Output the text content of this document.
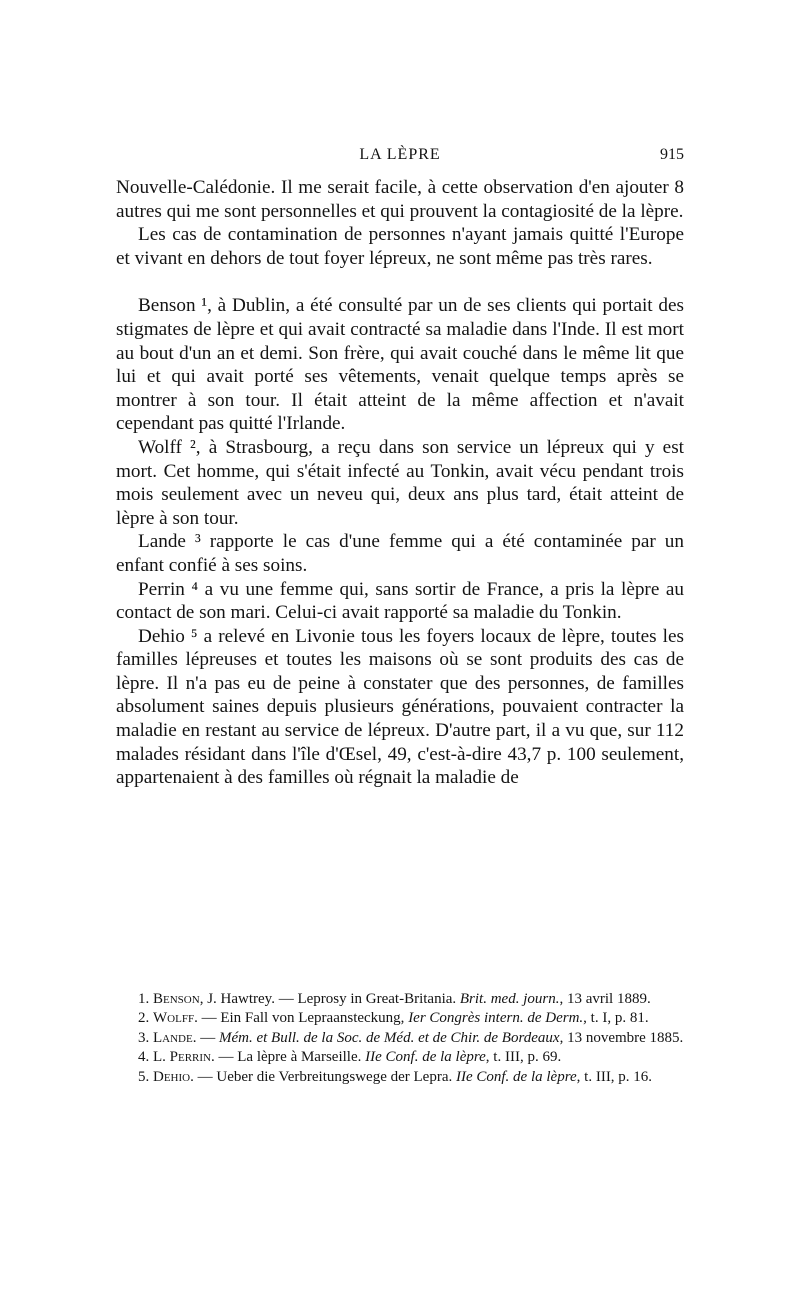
LA LÈPRE	915

Nouvelle-Calédonie. Il me serait facile, à cette observation d'en ajouter 8 autres qui me sont personnelles et qui prouvent la contagiosité de la lèpre.

Les cas de contamination de personnes n'ayant jamais quitté l'Europe et vivant en dehors de tout foyer lépreux, ne sont même pas très rares.

Benson ¹, à Dublin, a été consulté par un de ses clients qui portait des stigmates de lèpre et qui avait contracté sa maladie dans l'Inde. Il est mort au bout d'un an et demi. Son frère, qui avait couché dans le même lit que lui et qui avait porté ses vêtements, venait quelque temps après se montrer à son tour. Il était atteint de la même affection et n'avait cependant pas quitté l'Irlande.

Wolff ², à Strasbourg, a reçu dans son service un lépreux qui y est mort. Cet homme, qui s'était infecté au Tonkin, avait vécu pendant trois mois seulement avec un neveu qui, deux ans plus tard, était atteint de lèpre à son tour.

Lande ³ rapporte le cas d'une femme qui a été contaminée par un enfant confié à ses soins.

Perrin ⁴ a vu une femme qui, sans sortir de France, a pris la lèpre au contact de son mari. Celui-ci avait rapporté sa maladie du Tonkin.

Dehio ⁵ a relevé en Livonie tous les foyers locaux de lèpre, toutes les familles lépreuses et toutes les maisons où se sont produits des cas de lèpre. Il n'a pas eu de peine à constater que des personnes, de familles absolument saines depuis plusieurs générations, pouvaient contracter la maladie en restant au service de lépreux. D'autre part, il a vu que, sur 112 malades résidant dans l'île d'Œsel, 49, c'est-à-dire 43,7 p. 100 seulement, appartenaient à des familles où régnait la maladie de

1. Benson, J. Hawtrey. — Leprosy in Great-Britania. Brit. med. journ., 13 avril 1889.

2. Wolff. — Ein Fall von Lepraansteckung, Ier Congrès intern. de Derm., t. I, p. 81.

3. Lande. — Mém. et Bull. de la Soc. de Méd. et de Chir. de Bordeaux, 13 novembre 1885.

4. L. Perrin. — La lèpre à Marseille. IIe Conf. de la lèpre, t. III, p. 69.

5. Dehio. — Ueber die Verbreitungswege der Lepra. IIe Conf. de la lèpre, t. III, p. 16.
